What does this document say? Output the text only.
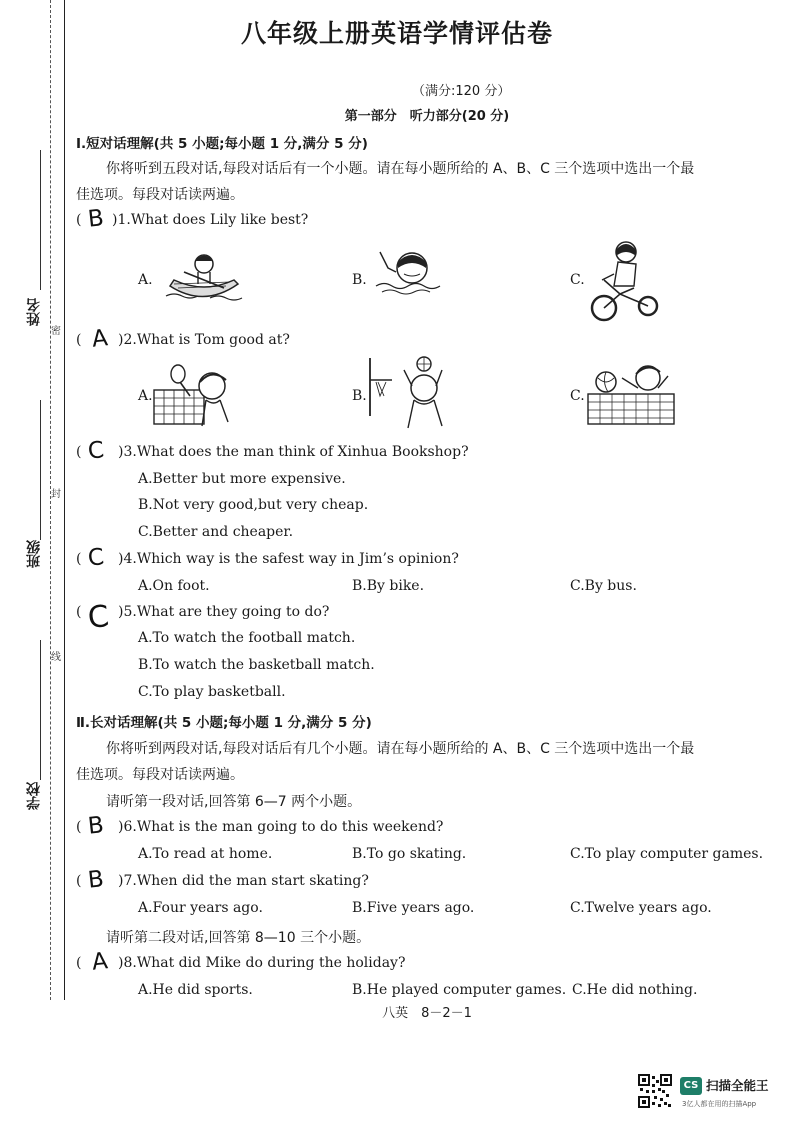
姓名
班级
学校
密
封
线
八年级上册英语学情评估卷
（满分:120 分）
第一部分　听力部分(20 分)
Ⅰ.短对话理解(共 5 小题;每小题 1 分,满分 5 分)
你将听到五段对话,每段对话后有一个小题。请在每小题所给的 A、B、C 三个选项中选出一个最
佳选项。每段对话读两遍。
( B )1.What does Lily like best?
A.	B.	C.
( A )2.What is Tom good at?
A.	B.	C.
( C )3.What does the man think of Xinhua Bookshop?
A.Better but more expensive.
B.Not very good,but very cheap.
C.Better and cheaper.
( C )4.Which way is the safest way in Jim’s opinion?
A.On foot.	B.By bike.	C.By bus.
( C )5.What are they going to do?
A.To watch the football match.
B.To watch the basketball match.
C.To play basketball.
Ⅱ.长对话理解(共 5 小题;每小题 1 分,满分 5 分)
你将听到两段对话,每段对话后有几个小题。请在每小题所给的 A、B、C 三个选项中选出一个最
佳选项。每段对话读两遍。
请听第一段对话,回答第 6—7 两个小题。
( B )6.What is the man going to do this weekend?
A.To read at home.	B.To go skating.	C.To play computer games.
( B )7.When did the man start skating?
A.Four years ago.	B.Five years ago.	C.Twelve years ago.
请听第二段对话,回答第 8—10 三个小题。
( A )8.What did Mike do during the holiday?
A.He did sports.	B.He played computer games. C.He did nothing.
八英　8－2－1
CS 扫描全能王
3亿人都在用的扫描App
